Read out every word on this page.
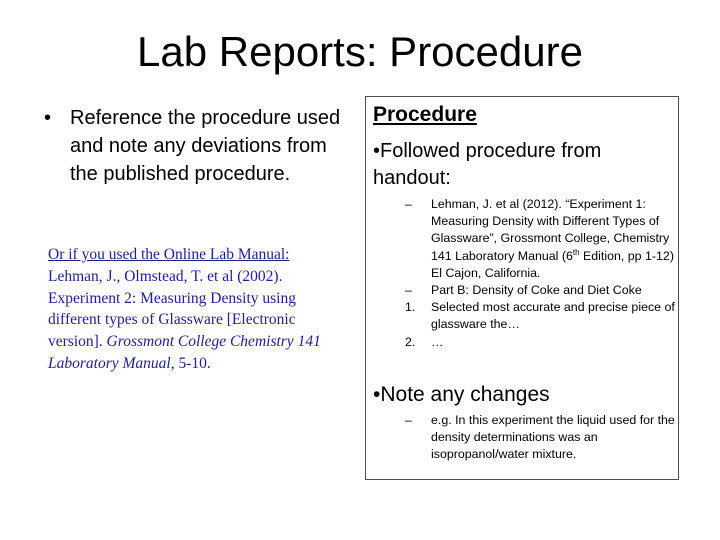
Lab Reports: Procedure
• Reference the procedure used and note any deviations from the published procedure.
Or if you used the Online Lab Manual:
Lehman, J., Olmstead, T. et al (2002). Experiment 2: Measuring Density using different types of Glassware [Electronic version]. Grossmont College Chemistry 141 Laboratory Manual, 5-10.
Procedure
•Followed procedure from handout:
– Lehman, J. et al (2012). “Experiment 1: Measuring Density with Different Types of Glassware”, Grossmont College, Chemistry 141 Laboratory Manual (6th Edition, pp 1-12) El Cajon, California.
– Part B: Density of Coke and Diet Coke
1. Selected most accurate and precise piece of glassware the…
2. …
•Note any changes
– e.g. In this experiment the liquid used for the density determinations was an isopropanol/water mixture.
